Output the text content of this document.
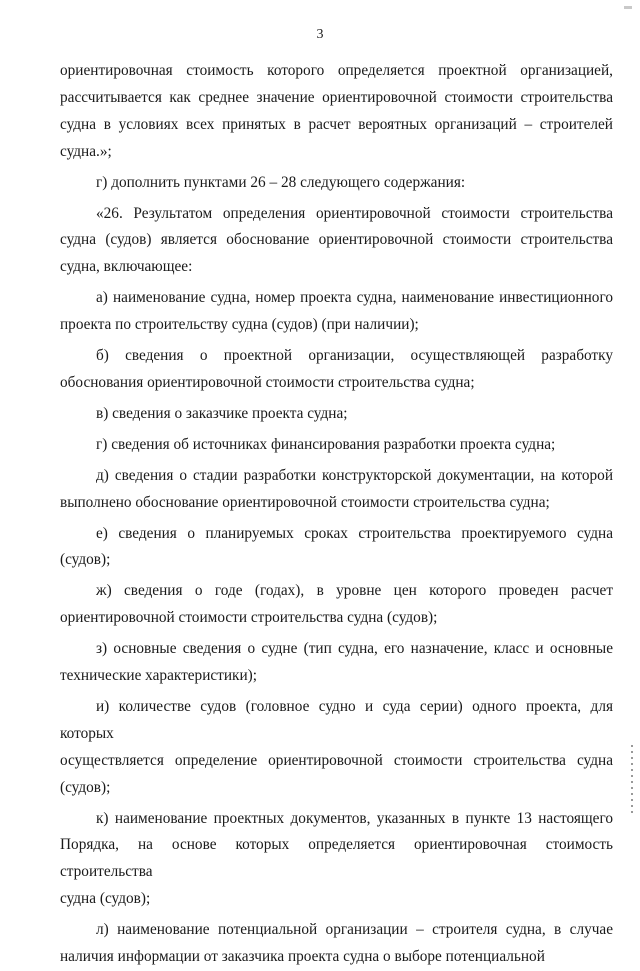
3

ориентировочная стоимость которого определяется проектной организацией,
рассчитывается как среднее значение ориентировочной стоимости строительства
судна в условиях всех принятых в расчет вероятных организаций – строителей
судна.»;

г) дополнить пунктами 26 – 28 следующего содержания:

«26. Результатом определения ориентировочной стоимости строительства
судна (судов) является обоснование ориентировочной стоимости строительства
судна, включающее:

а) наименование судна, номер проекта судна, наименование инвестиционного
проекта по строительству судна (судов) (при наличии);

б) сведения о проектной организации, осуществляющей разработку
обоснования ориентировочной стоимости строительства судна;

в) сведения о заказчике проекта судна;

г) сведения об источниках финансирования разработки проекта судна;

д) сведения о стадии разработки конструкторской документации, на которой
выполнено обоснование ориентировочной стоимости строительства судна;

е) сведения о планируемых сроках строительства проектируемого судна
(судов);

ж) сведения о годе (годах), в уровне цен которого проведен расчет
ориентировочной стоимости строительства судна (судов);

з) основные сведения о судне (тип судна, его назначение, класс и основные
технические характеристики);

и) количестве судов (головное судно и суда серии) одного проекта, для которых
осуществляется определение ориентировочной стоимости строительства судна
(судов);

к) наименование проектных документов, указанных в пункте 13 настоящего
Порядка, на основе которых определяется ориентировочная стоимость строительства
судна (судов);

л) наименование потенциальной организации – строителя судна, в случае
наличия информации от заказчика проекта судна о выборе потенциальной
